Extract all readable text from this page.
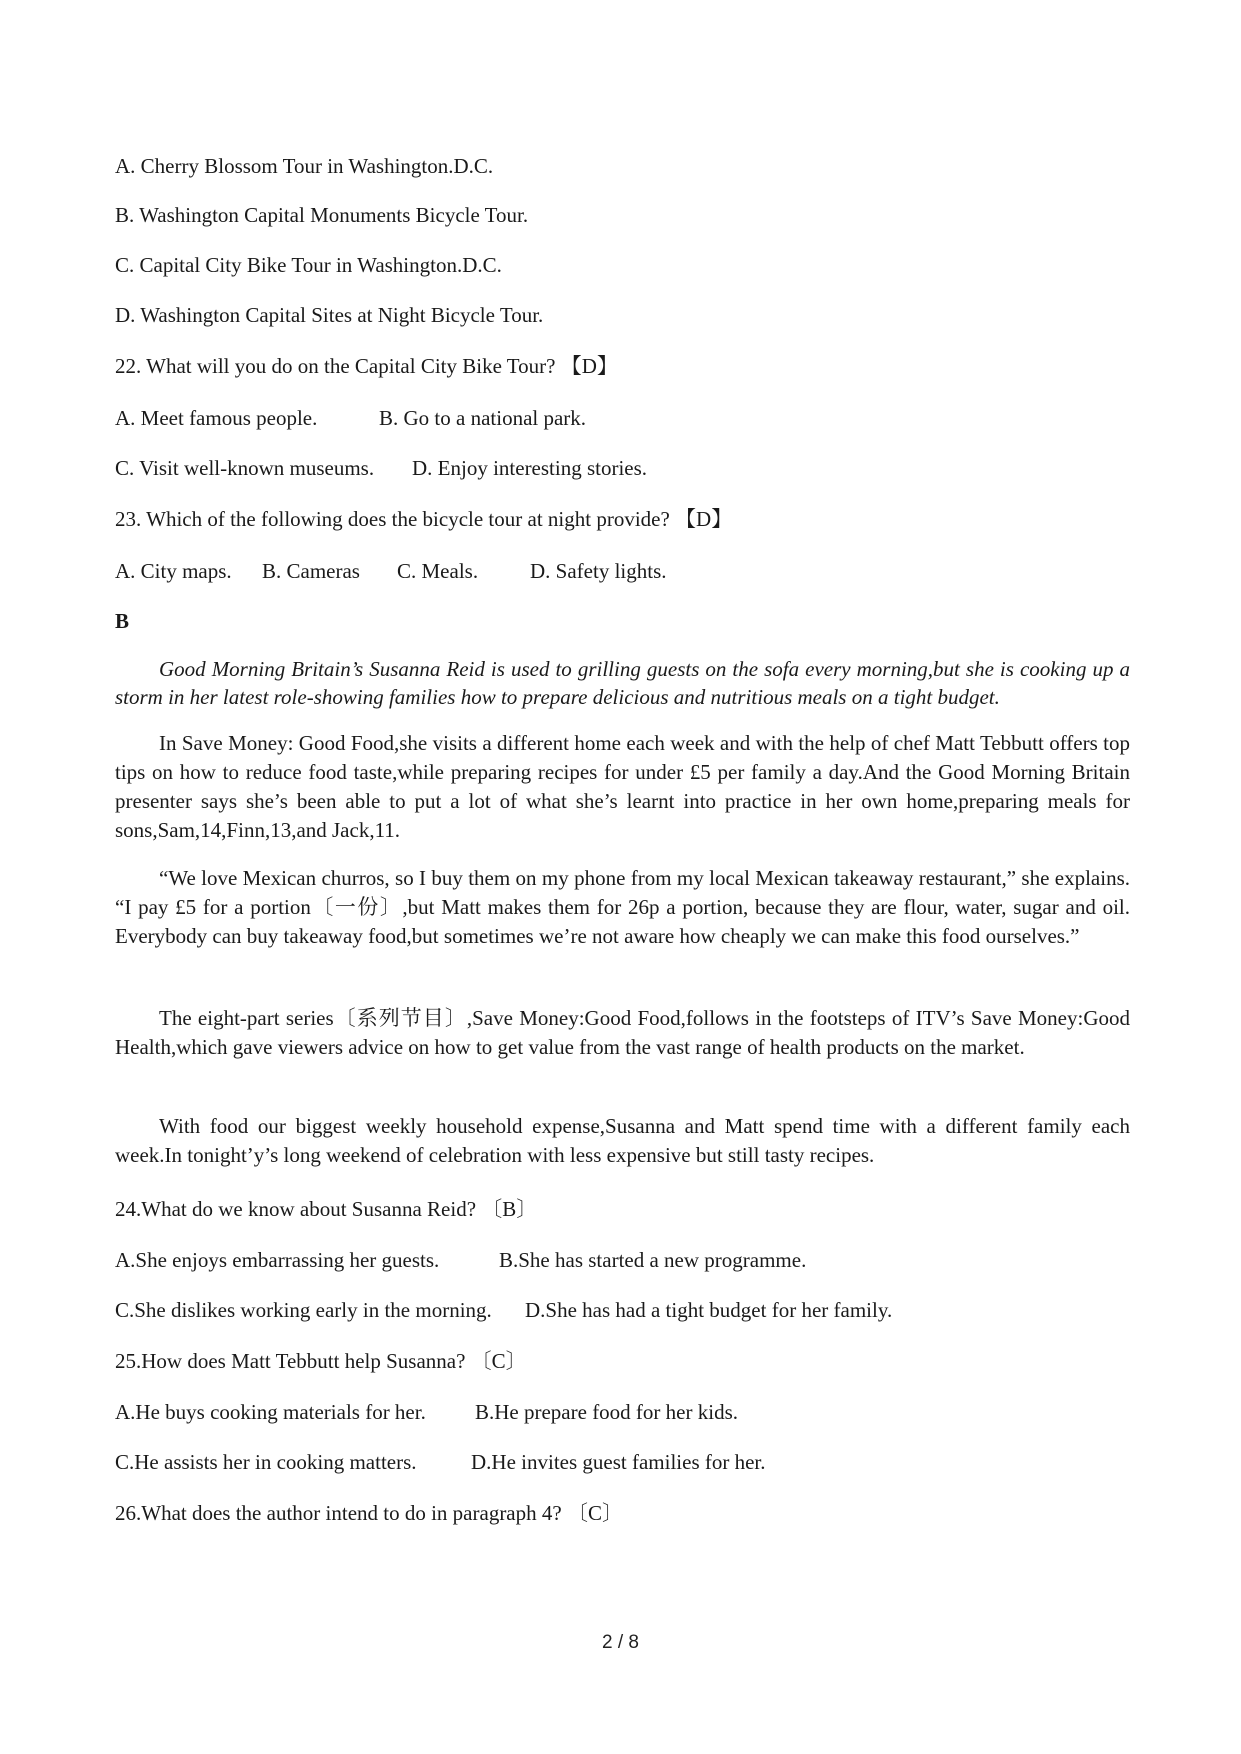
A. Cherry Blossom Tour in Washington.D.C.
B. Washington Capital Monuments Bicycle Tour.
C. Capital City Bike Tour in Washington.D.C.
D. Washington Capital Sites at Night Bicycle Tour.
22. What will you do on the Capital City Bike Tour? 【D】
A. Meet famous people.	B. Go to a national park.
C. Visit well-known museums. D. Enjoy interesting stories.
23. Which of the following does the bicycle tour at night provide? 【D】
A. City maps. B. Cameras C. Meals. D. Safety lights.
B
Good Morning Britain’s Susanna Reid is used to grilling guests on the sofa every morning,but she is cooking up a storm in her latest role-showing families how to prepare delicious and nutritious meals on a tight budget.
In Save Money: Good Food,she visits a different home each week and with the help of chef Matt Tebbutt offers top tips on how to reduce food taste,while preparing recipes for under £5 per family a day.And the Good Morning Britain presenter says she’s been able to put a lot of what she’s learnt into practice in her own home,preparing meals for sons,Sam,14,Finn,13,and Jack,11.
“We love Mexican churros, so I buy them on my phone from my local Mexican takeaway restaurant,” she explains. “I pay £5 for a portion〔一份〕,but Matt makes them for 26p a portion, because they are flour, water, sugar and oil. Everybody can buy takeaway food,but sometimes we’re not aware how cheaply we can make this food ourselves.”
The eight-part series〔系列节目〕,Save Money:Good Food,follows in the footsteps of ITV’s Save Money:Good Health,which gave viewers advice on how to get value from the vast range of health products on the market.
With food our biggest weekly household expense,Susanna and Matt spend time with a different family each week.In tonight’y’s long weekend of celebration with less expensive but still tasty recipes.
24.What do we know about Susanna Reid? 〔B〕
A.She enjoys embarrassing her guests.	B.She has started a new programme.
C.She dislikes working early in the morning. D.She has had a tight budget for her family.
25.How does Matt Tebbutt help Susanna? 〔C〕
A.He buys cooking materials for her. B.He prepare food for her kids.
C.He assists her in cooking matters.	D.He invites guest families for her.
26.What does the author intend to do in paragraph 4? 〔C〕
2 / 8
